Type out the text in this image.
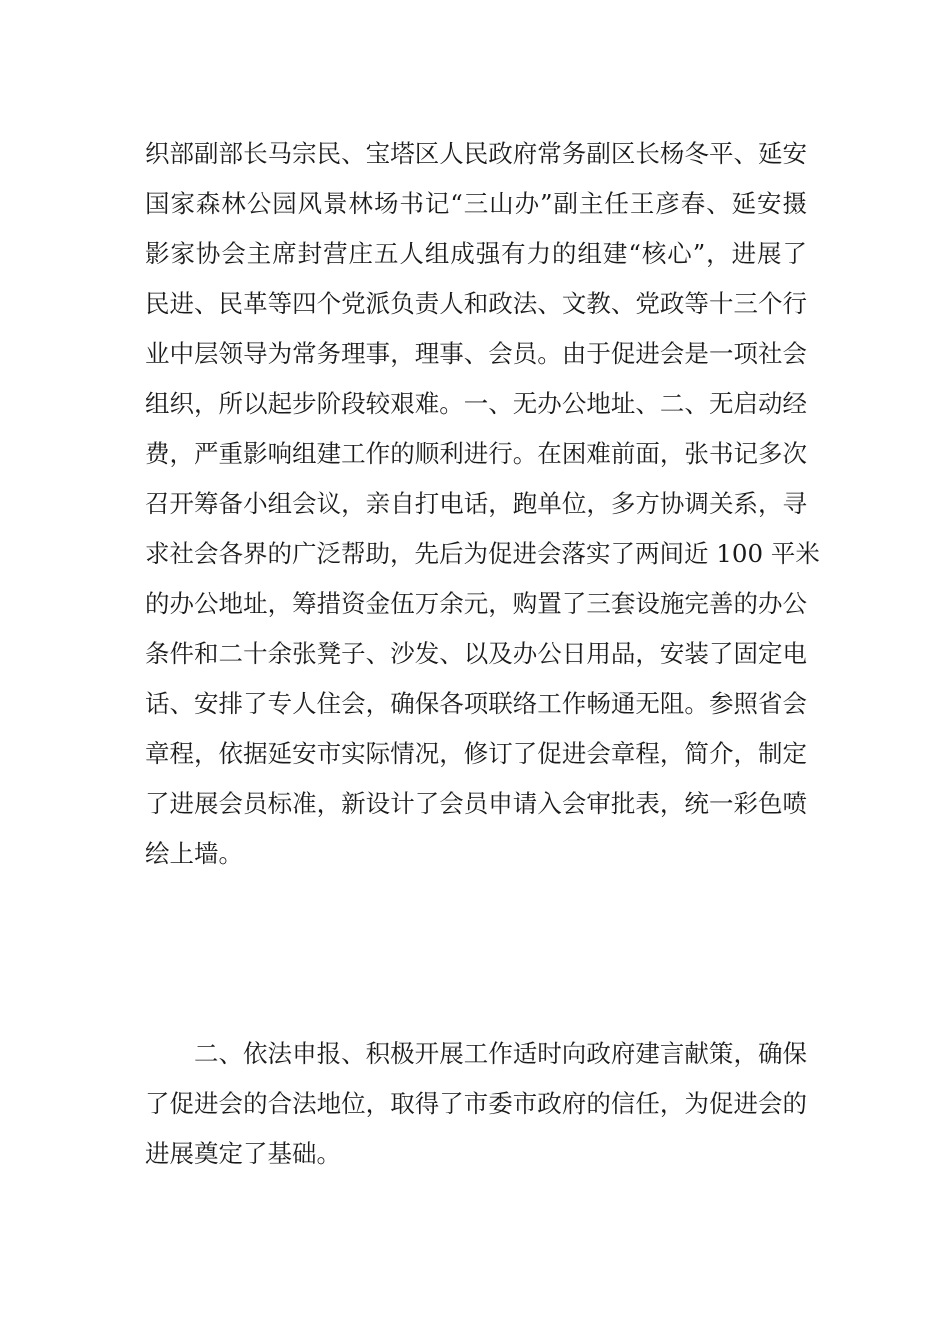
织部副部长马宗民、宝塔区人民政府常务副区长杨冬平、延安
国家森林公园风景林场书记“三山办”副主任王彦春、延安摄
影家协会主席封营庄五人组成强有力的组建“核心”，进展了
民进、民革等四个党派负责人和政法、文教、党政等十三个行
业中层领导为常务理事，理事、会员。由于促进会是一项社会
组织，所以起步阶段较艰难。一、无办公地址、二、无启动经
费，严重影响组建工作的顺利进行。在困难前面，张书记多次
召开筹备小组会议，亲自打电话，跑单位，多方协调关系，寻
求社会各界的广泛帮助，先后为促进会落实了两间近 100 平米
的办公地址，筹措资金伍万余元，购置了三套设施完善的办公
条件和二十余张凳子、沙发、以及办公日用品，安装了固定电
话、安排了专人住会，确保各项联络工作畅通无阻。参照省会
章程，依据延安市实际情况，修订了促进会章程，简介，制定
了进展会员标准，新设计了会员申请入会审批表，统一彩色喷
绘上墙。
二、依法申报、积极开展工作适时向政府建言献策，确保
了促进会的合法地位，取得了市委市政府的信任，为促进会的
进展奠定了基础。
